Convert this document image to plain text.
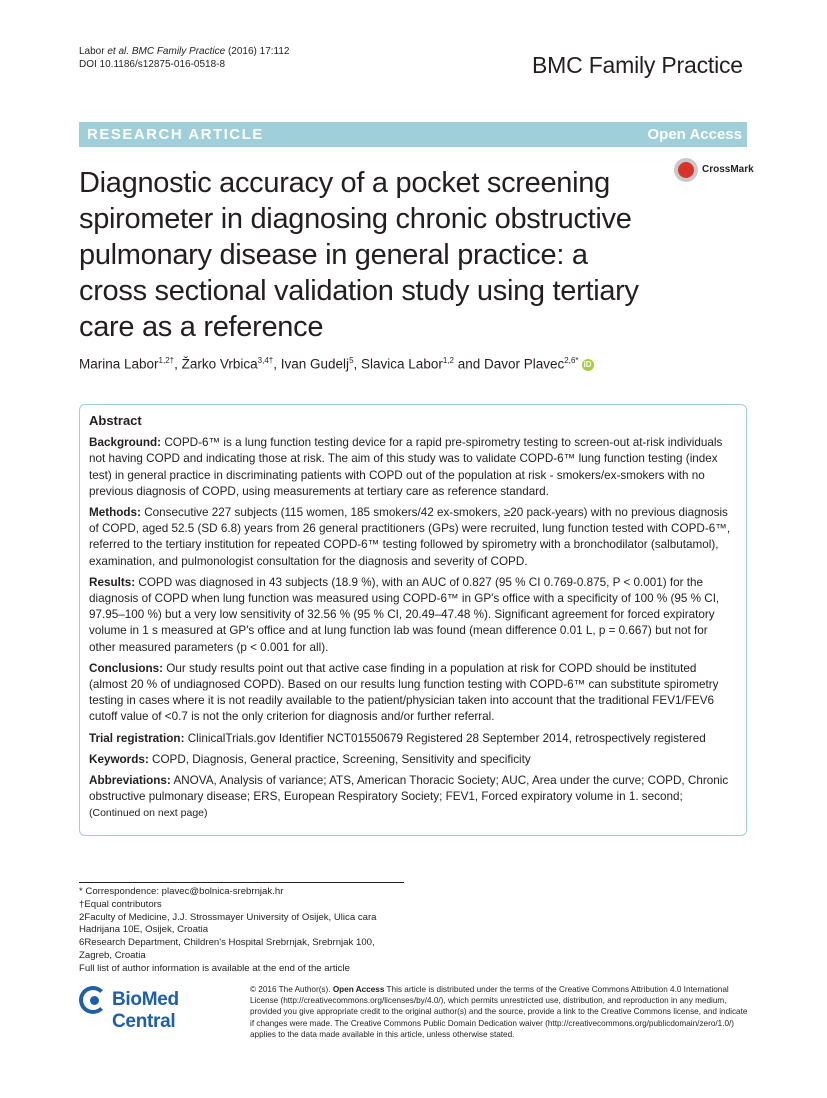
Labor et al. BMC Family Practice (2016) 17:112
DOI 10.1186/s12875-016-0518-8	BMC Family Practice
RESEARCH ARTICLE	Open Access
CrossMark
Diagnostic accuracy of a pocket screening spirometer in diagnosing chronic obstructive pulmonary disease in general practice: a cross sectional validation study using tertiary care as a reference
Marina Labor$^{1,2\dagger}$, Žarko Vrbica$^{3,4\dagger}$, Ivan Gudelj$^5$, Slavica Labor$^{1,2}$ and Davor Plavec$^{2,6*}$ iD
Abstract

Background: COPD-6™ is a lung function testing device for a rapid pre-spirometry testing to screen-out at-risk individuals not having COPD and indicating those at risk. The aim of this study was to validate COPD-6™ lung function testing (index test) in general practice in discriminating patients with COPD out of the population at risk - smokers/ex-smokers with no previous diagnosis of COPD, using measurements at tertiary care as reference standard.

Methods: Consecutive 227 subjects (115 women, 185 smokers/42 ex-smokers, ≥20 pack-years) with no previous diagnosis of COPD, aged 52.5 (SD 6.8) years from 26 general practitioners (GPs) were recruited, lung function tested with COPD-6™, referred to the tertiary institution for repeated COPD-6™ testing followed by spirometry with a bronchodilator (salbutamol), examination, and pulmonologist consultation for the diagnosis and severity of COPD.

Results: COPD was diagnosed in 43 subjects (18.9 %), with an AUC of 0.827 (95 % CI 0.769-0.875, P < 0.001) for the diagnosis of COPD when lung function was measured using COPD-6™ in GP's office with a specificity of 100 % (95 % CI, 97.95–100 %) but a very low sensitivity of 32.56 % (95 % CI, 20.49–47.48 %). Significant agreement for forced expiratory volume in 1 s measured at GP's office and at lung function lab was found (mean difference 0.01 L, p = 0.667) but not for other measured parameters (p < 0.001 for all).

Conclusions: Our study results point out that active case finding in a population at risk for COPD should be instituted (almost 20 % of undiagnosed COPD). Based on our results lung function testing with COPD-6™ can substitute spirometry testing in cases where it is not readily available to the patient/physician taken into account that the traditional FEV1/FEV6 cutoff value of <0.7 is not the only criterion for diagnosis and/or further referral.

Trial registration: ClinicalTrials.gov Identifier NCT01550679 Registered 28 September 2014, retrospectively registered

Keywords: COPD, Diagnosis, General practice, Screening, Sensitivity and specificity

Abbreviations: ANOVA, Analysis of variance; ATS, American Thoracic Society; AUC, Area under the curve; COPD, Chronic obstructive pulmonary disease; ERS, European Respiratory Society; FEV1, Forced expiratory volume in 1. second;

(Continued on next page)

* Correspondence: plavec@bolnica-srebrnjak.hr

†Equal contributors

2Faculty of Medicine, J.J. Strossmayer University of Osijek, Ulica cara Hadrijana 10E, Osijek, Croatia

6Research Department, Children's Hospital Srebrnjak, Srebrnjak 100, Zagreb, Croatia

Full list of author information is available at the end of the article

BioMed Central
© 2016 The Author(s). Open Access This article is distributed under the terms of the Creative Commons Attribution 4.0 International License (http://creativecommons.org/licenses/by/4.0/), which permits unrestricted use, distribution, and reproduction in any medium, provided you give appropriate credit to the original author(s) and the source, provide a link to the Creative Commons license, and indicate if changes were made. The Creative Commons Public Domain Dedication waiver (http://creativecommons.org/publicdomain/zero/1.0/) applies to the data made available in this article, unless otherwise stated.
